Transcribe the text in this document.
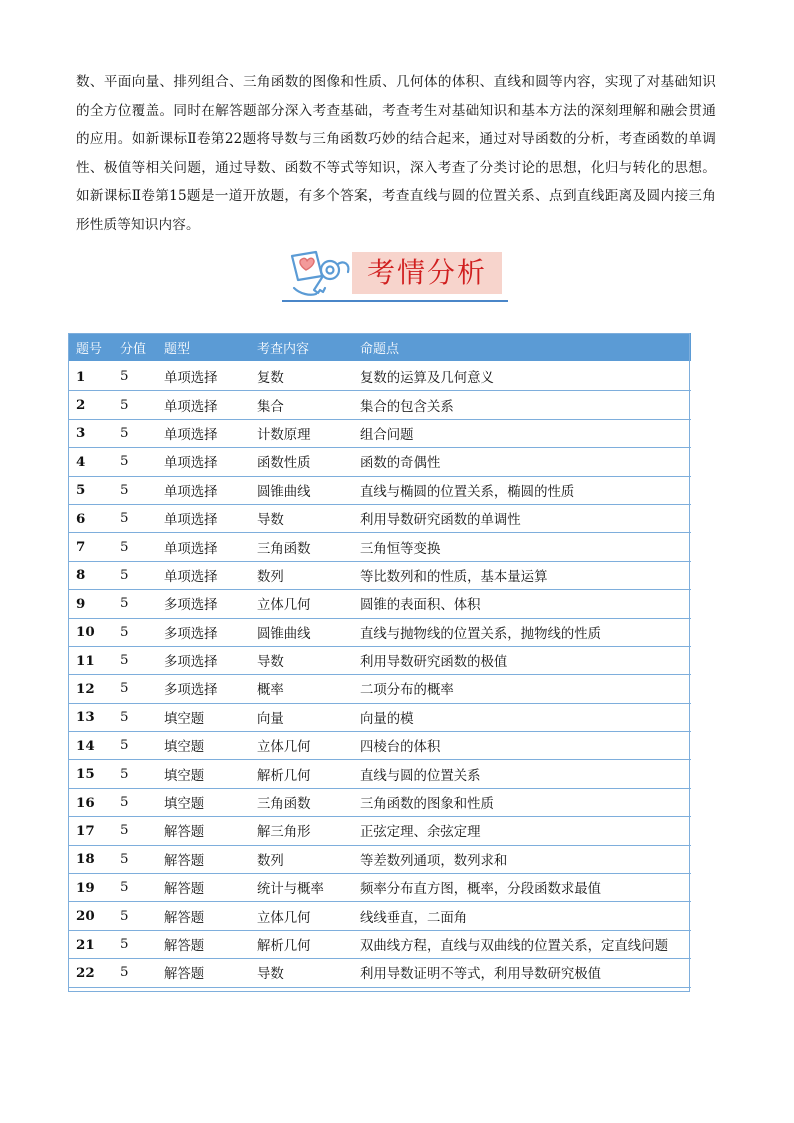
数、平面向量、排列组合、三角函数的图像和性质、几何体的体积、直线和圆等内容，实现了对基础知识的全方位覆盖。同时在解答题部分深入考查基础，考查考生对基础知识和基本方法的深刻理解和融会贯通的应用。如新课标Ⅱ卷第22题将导数与三角函数巧妙的结合起来，通过对导函数的分析，考查函数的单调性、极值等相关问题，通过导数、函数不等式等知识，深入考查了分类讨论的思想，化归与转化的思想。如新课标Ⅱ卷第15题是一道开放题，有多个答案，考查直线与圆的位置关系、点到直线距离及圆内接三角形性质等知识内容。

考情分析
题号	分值	题型	考查内容	命题点
1	5	单项选择	复数	复数的运算及几何意义
2	5	单项选择	集合	集合的包含关系
3	5	单项选择	计数原理	组合问题
4	5	单项选择	函数性质	函数的奇偶性
5	5	单项选择	圆锥曲线	直线与椭圆的位置关系，椭圆的性质
6	5	单项选择	导数	利用导数研究函数的单调性
7	5	单项选择	三角函数	三角恒等变换
8	5	单项选择	数列	等比数列和的性质，基本量运算
9	5	多项选择	立体几何	圆锥的表面积、体积
10	5	多项选择	圆锥曲线	直线与抛物线的位置关系，抛物线的性质
11	5	多项选择	导数	利用导数研究函数的极值
12	5	多项选择	概率	二项分布的概率
13	5	填空题	向量	向量的模
14	5	填空题	立体几何	四棱台的体积
15	5	填空题	解析几何	直线与圆的位置关系
16	5	填空题	三角函数	三角函数的图象和性质
17	5	解答题	解三角形	正弦定理、余弦定理
18	5	解答题	数列	等差数列通项，数列求和
19	5	解答题	统计与概率	频率分布直方图，概率，分段函数求最值
20	5	解答题	立体几何	线线垂直，二面角
21	5	解答题	解析几何	双曲线方程，直线与双曲线的位置关系，定直线问题
22	5	解答题	导数	利用导数证明不等式，利用导数研究极值
